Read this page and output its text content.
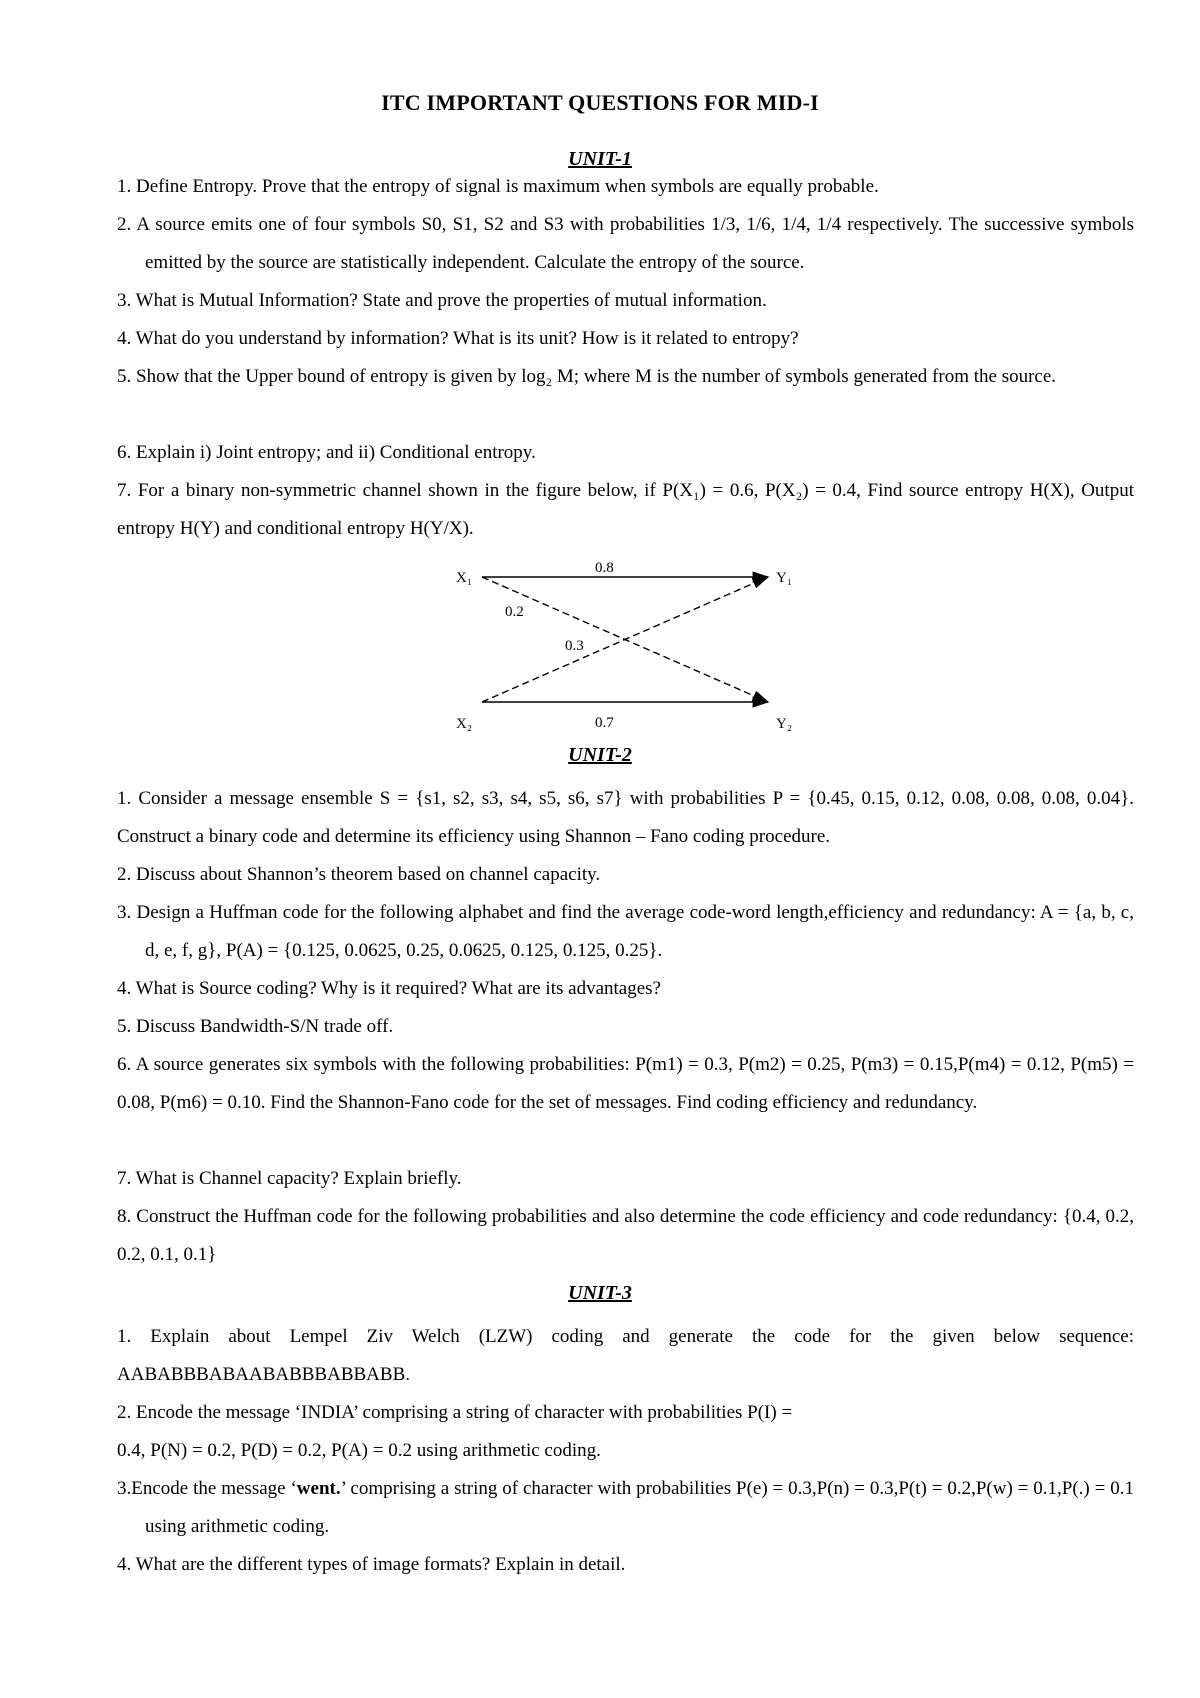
ITC IMPORTANT QUESTIONS FOR MID-I
UNIT-1
1. Define Entropy. Prove that the entropy of signal is maximum when symbols are equally probable.
2. A source emits one of four symbols S0, S1, S2 and S3 with probabilities 1/3, 1/6, 1/4, 1/4 respectively. The successive symbols emitted by the source are statistically independent. Calculate the entropy of the source.
3. What is Mutual Information? State and prove the properties of mutual information.
4. What do you understand by information? What is its unit? How is it related to entropy?
5. Show that the Upper bound of entropy is given by log₂ M; where M is the number of symbols generated from the source.
6. Explain i) Joint entropy; and ii) Conditional entropy.
7. For a binary non-symmetric channel shown in the figure below, if P(X₁) = 0.6, P(X₂) = 0.4, Find source entropy H(X), Output entropy H(Y) and conditional entropy H(Y/X).
X₁
X₂
Y₁
Y₂
0.8
0.2
0.3
0.7
UNIT-2
1. Consider a message ensemble S = {s1, s2, s3, s4, s5, s6, s7} with probabilities P = {0.45, 0.15, 0.12, 0.08, 0.08, 0.08, 0.04}. Construct a binary code and determine its efficiency using Shannon – Fano coding procedure.
2. Discuss about Shannon’s theorem based on channel capacity.
3. Design a Huffman code for the following alphabet and find the average code-word length,efficiency and redundancy: A = {a, b, c, d, e, f, g}, P(A) = {0.125, 0.0625, 0.25, 0.0625, 0.125, 0.125, 0.25}.
4. What is Source coding? Why is it required? What are its advantages?
5. Discuss Bandwidth-S/N trade off.
6. A source generates six symbols with the following probabilities: P(m1) = 0.3, P(m2) = 0.25, P(m3) = 0.15,P(m4) = 0.12, P(m5) = 0.08, P(m6) = 0.10. Find the Shannon-Fano code for the set of messages. Find coding efficiency and redundancy.
7. What is Channel capacity? Explain briefly.
8. Construct the Huffman code for the following probabilities and also determine the code efficiency and code redundancy: {0.4, 0.2, 0.2, 0.1, 0.1}
UNIT-3
1. Explain about Lempel Ziv Welch (LZW) coding and generate the code for the given below sequence: AABABBBABAABABBBABBABB.
2. Encode the message ‘INDIA’ comprising a string of character with probabilities P(I) =
0.4, P(N) = 0.2, P(D) = 0.2, P(A) = 0.2 using arithmetic coding.
3.Encode the message ‘went.’ comprising a string of character with probabilities P(e) = 0.3,P(n) = 0.3,P(t) = 0.2,P(w) = 0.1,P(.) = 0.1 using arithmetic coding.
4. What are the different types of image formats? Explain in detail.
